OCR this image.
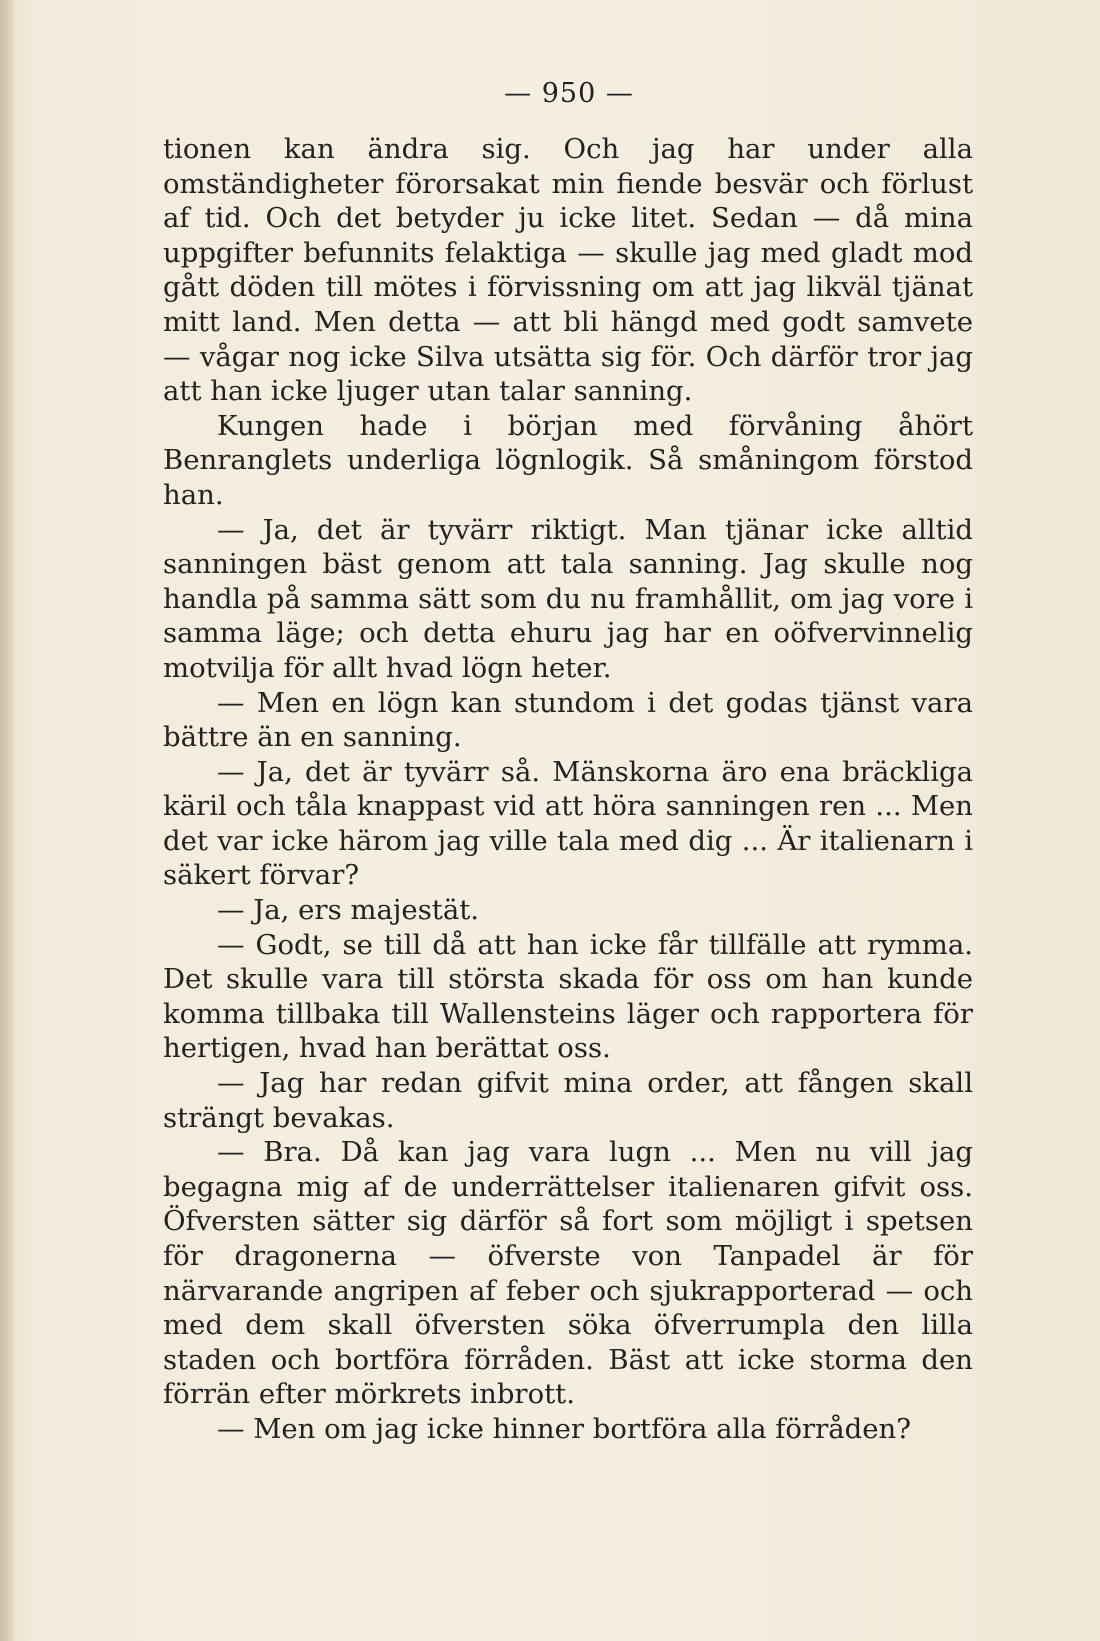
— 950 —

tionen kan ändra sig. Och jag har under alla omständigheter förorsakat min fiende besvär och förlust af tid. Och det betyder ju icke litet. Sedan — då mina uppgifter befunnits felaktiga — skulle jag med gladt mod gått döden till mötes i förvissning om att jag likväl tjänat mitt land. Men detta — att bli hängd med godt samvete — vågar nog icke Silva utsätta sig för. Och därför tror jag att han icke ljuger utan talar sanning.

Kungen hade i början med förvåning åhört Benranglets underliga lögnlogik. Så småningom förstod han.

— Ja, det är tyvärr riktigt. Man tjänar icke alltid sanningen bäst genom att tala sanning. Jag skulle nog handla på samma sätt som du nu framhållit, om jag vore i samma läge; och detta ehuru jag har en oöfvervinnelig motvilja för allt hvad lögn heter.

— Men en lögn kan stundom i det godas tjänst vara bättre än en sanning.

— Ja, det är tyvärr så. Mänskorna äro ena bräckliga käril och tåla knappast vid att höra sanningen ren ... Men det var icke härom jag ville tala med dig ... Är italienarn i säkert förvar?

— Ja, ers majestät.

— Godt, se till då att han icke får tillfälle att rymma. Det skulle vara till största skada för oss om han kunde komma tillbaka till Wallensteins läger och rapportera för hertigen, hvad han berättat oss.

— Jag har redan gifvit mina order, att fången skall strängt bevakas.

— Bra. Då kan jag vara lugn ... Men nu vill jag begagna mig af de underrättelser italienaren gifvit oss. Öfversten sätter sig därför så fort som möjligt i spetsen för dragonerna — öfverste von Tanpadel är för närvarande angripen af feber och sjukrapporterad — och med dem skall öfversten söka öfverrumpla den lilla staden och bortföra förråden. Bäst att icke storma den förrän efter mörkrets inbrott.

— Men om jag icke hinner bortföra alla förråden?
